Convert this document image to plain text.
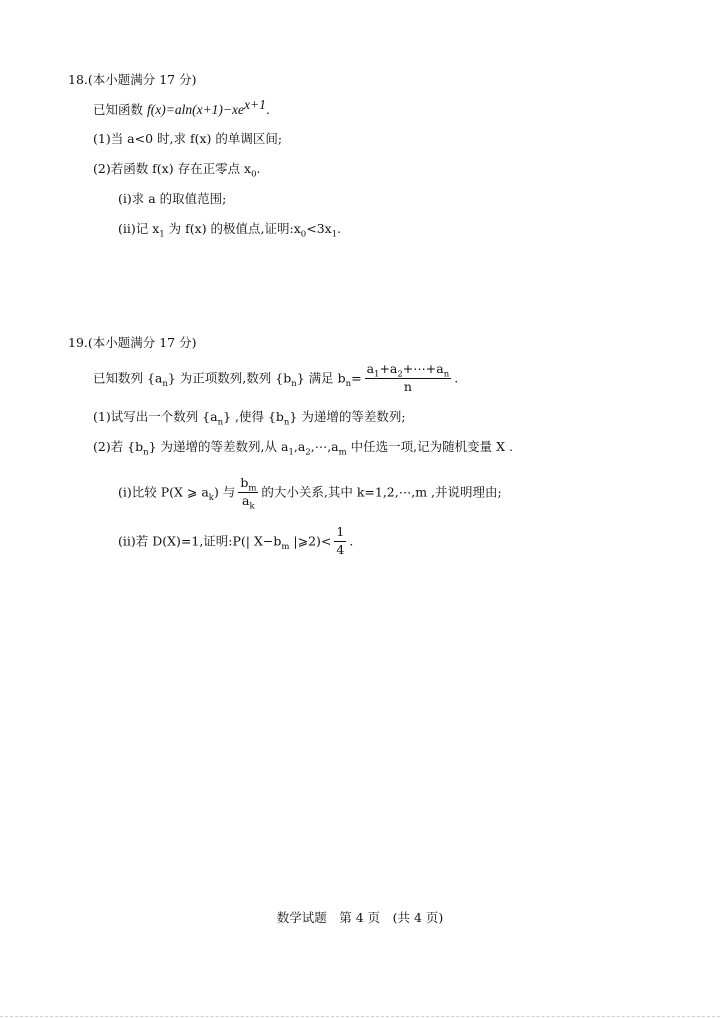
18.(本小题满分 17 分)
已知函数 $f(x)=aln(x+1)-xe^{x+1}$.
(1)当 a<0 时,求 f(x) 的单调区间;
(2)若函数 f(x) 存在正零点 $x_0$.
(i)求 a 的取值范围;
(ii)记 $x_1$ 为 f(x) 的极值点,证明$:x_0<3x_1$.
19.(本小题满分 17 分)
已知数列 $\{a_n\}$ 为正项数列,数列 $\{b_n\}$ 满足 $b_n= \frac{a_1+a_2+\cdots+a_n}{n}$ .
(1)试写出一个数列 $\{a_n\}$ ,使得 $\{b_n\}$ 为递增的等差数列;
(2)若 $\{b_n\}$ 为递增的等差数列,从 $a_1,a_2,\cdots,a_m$ 中任选一项,记为随机变量 X .
(i)比较 P(X ⩾ $a_k$) 与 $\frac{b_m}{a_k}$ 的大小关系,其中 k=1,2,⋯,m ,并说明理由;
(ii)若 D(X)=1,证明:P(| $X-b_m$ |⩾2)< $\frac{1}{4}$ .
数学试题　第 4 页　(共 4 页)
